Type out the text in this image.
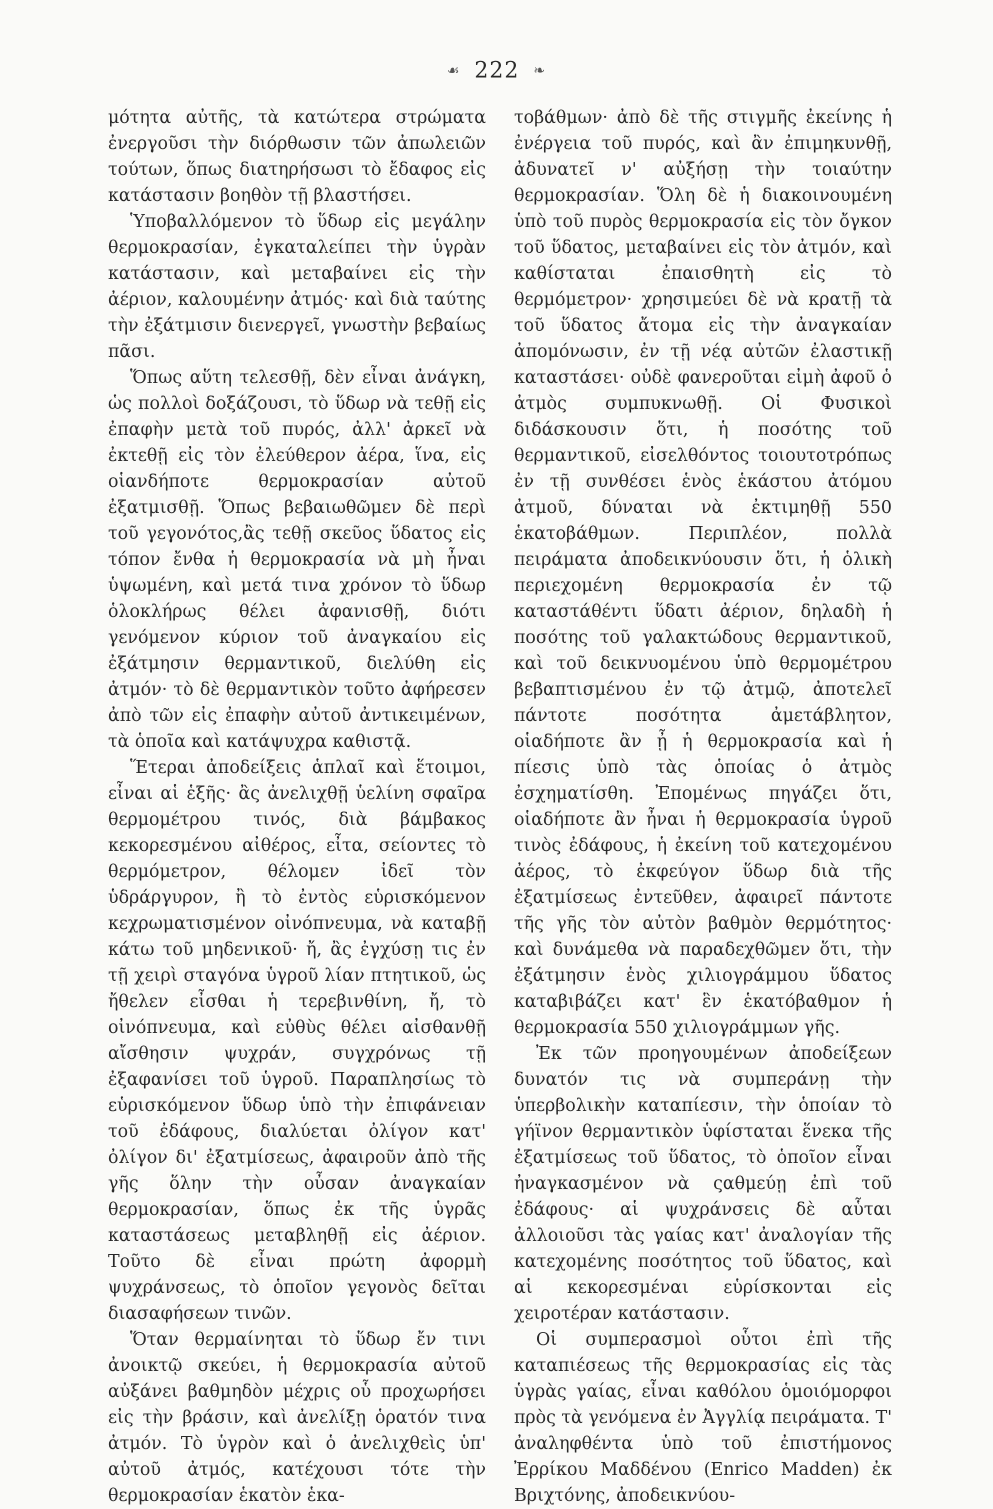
☙ 222 ❧

μότητα αὐτῆς, τὰ κατώτερα στρώματα ἐνεργοῦσι τὴν διόρθωσιν τῶν ἀπωλειῶν τούτων, ὅπως διατηρήσωσι τὸ ἔδαφος εἰς κατάστασιν βοηθὸν τῇ βλαστήσει.

Ὑποβαλλόμενον τὸ ὕδωρ εἰς μεγάλην θερμοκρασίαν, ἐγκαταλείπει τὴν ὑγρὰν κατάστασιν, καὶ μεταβαίνει εἰς τὴν ἀέριον, καλουμένην ἀτμός· καὶ διὰ ταύτης τὴν ἐξάτμισιν διενεργεῖ, γνωστὴν βεβαίως πᾶσι.

Ὅπως αὕτη τελεσθῇ, δὲν εἶναι ἀνάγκη, ὡς πολλοὶ δοξάζουσι, τὸ ὕδωρ νὰ τεθῇ εἰς ἐπαφὴν μετὰ τοῦ πυρός, ἀλλ' ἀρκεῖ νὰ ἐκτεθῇ εἰς τὸν ἐλεύθερον ἀέρα, ἵνα, εἰς οἱανδήποτε θερμοκρασίαν αὐτοῦ ἐξατμισθῇ. Ὅπως βεβαιωθῶμεν δὲ περὶ τοῦ γεγονότος,ἂς τεθῇ σκεῦος ὕδατος εἰς τόπον ἔνθα ἡ θερμοκρασία νὰ μὴ ἦναι ὑψωμένη, καὶ μετά τινα χρόνον τὸ ὕδωρ ὁλοκλήρως θέλει ἀφανισθῇ, διότι γενόμενον κύριον τοῦ ἀναγκαίου εἰς ἐξάτμησιν θερμαντικοῦ, διελύθη εἰς ἀτμόν· τὸ δὲ θερμαντικὸν τοῦτο ἀφήρεσεν ἀπὸ τῶν εἰς ἐπαφὴν αὐτοῦ ἀντικειμένων, τὰ ὁποῖα καὶ κατάψυχρα καθιστᾷ.

Ἕτεραι ἀποδείξεις ἁπλαῖ καὶ ἕτοιμοι, εἶναι αἱ ἑξῆς· ἂς ἀνελιχθῇ ὑελίνη σφαῖρα θερμομέτρου τινός, διὰ βάμβακος κεκορεσμένου αἰθέρος, εἶτα, σείοντες τὸ θερμόμετρον, θέλομεν ἰδεῖ τὸν ὑδράργυρον, ἢ τὸ ἐντὸς εὑρισκόμενον κεχρωματισμένον οἰνόπνευμα, νὰ καταβῇ κάτω τοῦ μηδενικοῦ· ἤ, ἂς ἐγχύσῃ τις ἐν τῇ χειρὶ σταγόνα ὑγροῦ λίαν πτητικοῦ, ὡς ἤθελεν εἶσθαι ἡ τερεβινθίνη, ἤ, τὸ οἰνόπνευμα, καὶ εὐθὺς θέλει αἰσθανθῇ αἴσθησιν ψυχράν, συγχρόνως τῇ ἐξαφανίσει τοῦ ὑγροῦ. Παραπλησίως τὸ εὑρισκόμενον ὕδωρ ὑπὸ τὴν ἐπιφάνειαν τοῦ ἐδάφους, διαλύεται ὀλίγον κατ' ὀλίγον δι' ἐξατμίσεως, ἀφαιροῦν ἀπὸ τῆς γῆς ὅλην τὴν οὖσαν ἀναγκαίαν θερμοκρασίαν, ὅπως ἐκ τῆς ὑγρᾶς καταστάσεως μεταβληθῇ εἰς ἀέριον. Τοῦτο δὲ εἶναι πρώτη ἀφορμὴ ψυχράνσεως, τὸ ὁποῖον γεγονὸς δεῖται διασαφήσεων τινῶν.

Ὅταν θερμαίνηται τὸ ὕδωρ ἔν τινι ἀνοικτῷ σκεύει, ἡ θερμοκρασία αὐτοῦ αὐξάνει βαθμηδὸν μέχρις οὗ προχωρήσει εἰς τὴν βράσιν, καὶ ἀνελίξῃ ὁρατόν τινα ἀτμόν. Τὸ ὑγρὸν καὶ ὁ ἀνελιχθεὶς ὑπ' αὐτοῦ ἀτμός, κατέχουσι τότε τὴν θερμοκρασίαν ἑκατὸν ἑκα-

τοβάθμων· ἀπὸ δὲ τῆς στιγμῆς ἐκείνης ἡ ἐνέργεια τοῦ πυρός, καὶ ἂν ἐπιμηκυνθῇ, ἀδυνατεῖ ν' αὐξήσῃ τὴν τοιαύτην θερμοκρασίαν. Ὅλη δὲ ἡ διακοινουμένη ὑπὸ τοῦ πυρὸς θερμοκρασία εἰς τὸν ὄγκον τοῦ ὕδατος, μεταβαίνει εἰς τὸν ἀτμόν, καὶ καθίσταται ἐπαισθητὴ εἰς τὸ θερμόμετρον· χρησιμεύει δὲ νὰ κρατῇ τὰ τοῦ ὕδατος ἄτομα εἰς τὴν ἀναγκαίαν ἀπομόνωσιν, ἐν τῇ νέᾳ αὐτῶν ἐλαστικῇ καταστάσει· οὐδὲ φανεροῦται εἰμὴ ἀφοῦ ὁ ἀτμὸς συμπυκνωθῇ. Οἱ Φυσικοὶ διδάσκουσιν ὅτι, ἡ ποσότης τοῦ θερμαντικοῦ, εἰσελθόντος τοιουτοτρόπως ἐν τῇ συνθέσει ἑνὸς ἑκάστου ἀτόμου ἀτμοῦ, δύναται νὰ ἐκτιμηθῇ 550 ἑκατοβάθμων. Περιπλέον, πολλὰ πειράματα ἀποδεικνύουσιν ὅτι, ἡ ὁλικὴ περιεχομένη θερμοκρασία ἐν τῷ καταστάθέντι ὕδατι ἀέριον, δηλαδὴ ἡ ποσότης τοῦ γαλακτώδους θερμαντικοῦ, καὶ τοῦ δεικνυομένου ὑπὸ θερμομέτρου βεβαπτισμένου ἐν τῷ ἀτμῷ, ἀποτελεῖ πάντοτε ποσότητα ἀμετάβλητον, οἱαδήποτε ἂν ᾖ ἡ θερμοκρασία καὶ ἡ πίεσις ὑπὸ τὰς ὁποίας ὁ ἀτμὸς ἐσχηματίσθη. Ἐπομένως πηγάζει ὅτι, οἱαδήποτε ἂν ἦναι ἡ θερμοκρασία ὑγροῦ τινὸς ἐδάφους, ἡ ἐκείνη τοῦ κατεχομένου ἀέρος, τὸ ἐκφεύγον ὕδωρ διὰ τῆς ἐξατμίσεως ἐντεῦθεν, ἀφαιρεῖ πάντοτε τῆς γῆς τὸν αὐτὸν βαθμὸν θερμότητος· καὶ δυνάμεθα νὰ παραδεχθῶμεν ὅτι, τὴν ἐξάτμησιν ἑνὸς χιλιογράμμου ὕδατος καταβιβάζει κατ' ἓν ἑκατόβαθμον ἡ θερμοκρασία 550 χιλιογράμμων γῆς.

Ἐκ τῶν προηγουμένων ἀποδείξεων δυνατόν τις νὰ συμπεράνῃ τὴν ὑπερβολικὴν καταπίεσιν, τὴν ὁποίαν τὸ γήϊνον θερμαντικὸν ὑφίσταται ἕνεκα τῆς ἐξατμίσεως τοῦ ὕδατος, τὸ ὁποῖον εἶναι ἠναγκασμένον νὰ ςαθμεύῃ ἐπὶ τοῦ ἐδάφους· αἱ ψυχράνσεις δὲ αὗται ἀλλοιοῦσι τὰς γαίας κατ' ἀναλογίαν τῆς κατεχομένης ποσότητος τοῦ ὕδατος, καὶ αἱ κεκορεσμέναι εὑρίσκονται εἰς χειροτέραν κατάστασιν.

Οἱ συμπερασμοὶ οὗτοι ἐπὶ τῆς καταπιέσεως τῆς θερμοκρασίας εἰς τὰς ὑγρὰς γαίας, εἶναι καθόλου ὁμοιόμορφοι πρὸς τὰ γενόμενα ἐν Ἀγγλίᾳ πειράματα. Τ' ἀναληφθέντα ὑπὸ τοῦ ἐπιστήμονος Ἐρρίκου Μαδδένου (Enrico Madden) ἐκ Βριχτόνης, ἀποδεικνύου-
